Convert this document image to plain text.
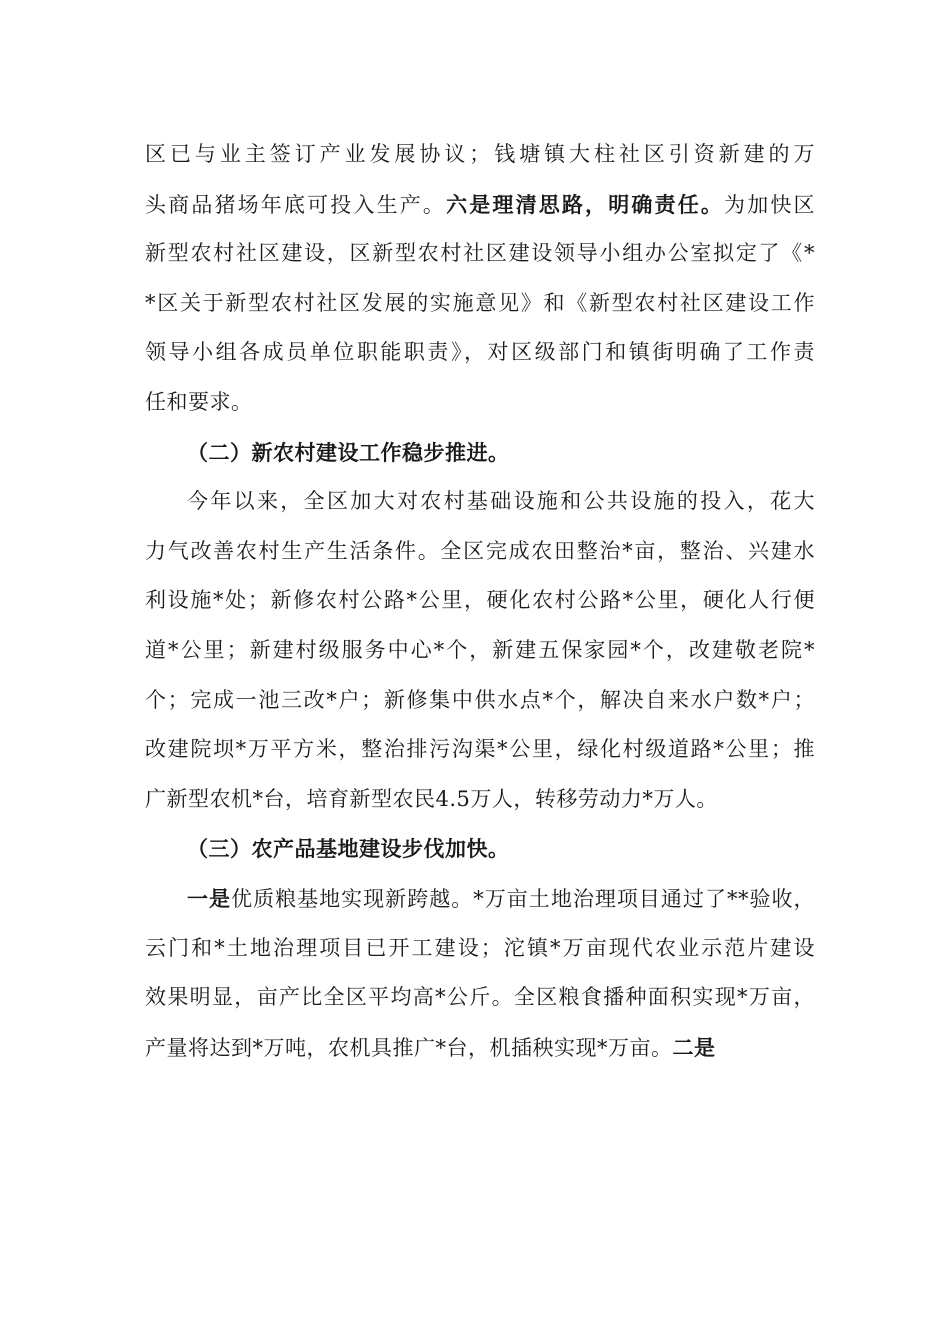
区已与业主签订产业发展协议；钱塘镇大柱社区引资新建的万
头商品猪场年底可投入生产。六是理清思路，明确责任。为加快区
新型农村社区建设，区新型农村社区建设领导小组办公室拟定了《*
*区关于新型农村社区发展的实施意见》和《新型农村社区建设工作
领导小组各成员单位职能职责》，对区级部门和镇街明确了工作责
任和要求。
（二）新农村建设工作稳步推进。
今年以来，全区加大对农村基础设施和公共设施的投入，花大
力气改善农村生产生活条件。全区完成农田整治*亩，整治、兴建水
利设施*处；新修农村公路*公里，硬化农村公路*公里，硬化人行便
道*公里；新建村级服务中心*个，新建五保家园*个，改建敬老院*
个；完成一池三改*户；新修集中供水点*个，解决自来水户数*户；
改建院坝*万平方米，整治排污沟渠*公里，绿化村级道路*公里；推
广新型农机*台，培育新型农民4.5万人，转移劳动力*万人。
（三）农产品基地建设步伐加快。
一是优质粮基地实现新跨越。*万亩土地治理项目通过了**验收，
云门和*土地治理项目已开工建设；沱镇*万亩现代农业示范片建设
效果明显，亩产比全区平均高*公斤。全区粮食播种面积实现*万亩，
产量将达到*万吨，农机具推广*台，机插秧实现*万亩。二是
